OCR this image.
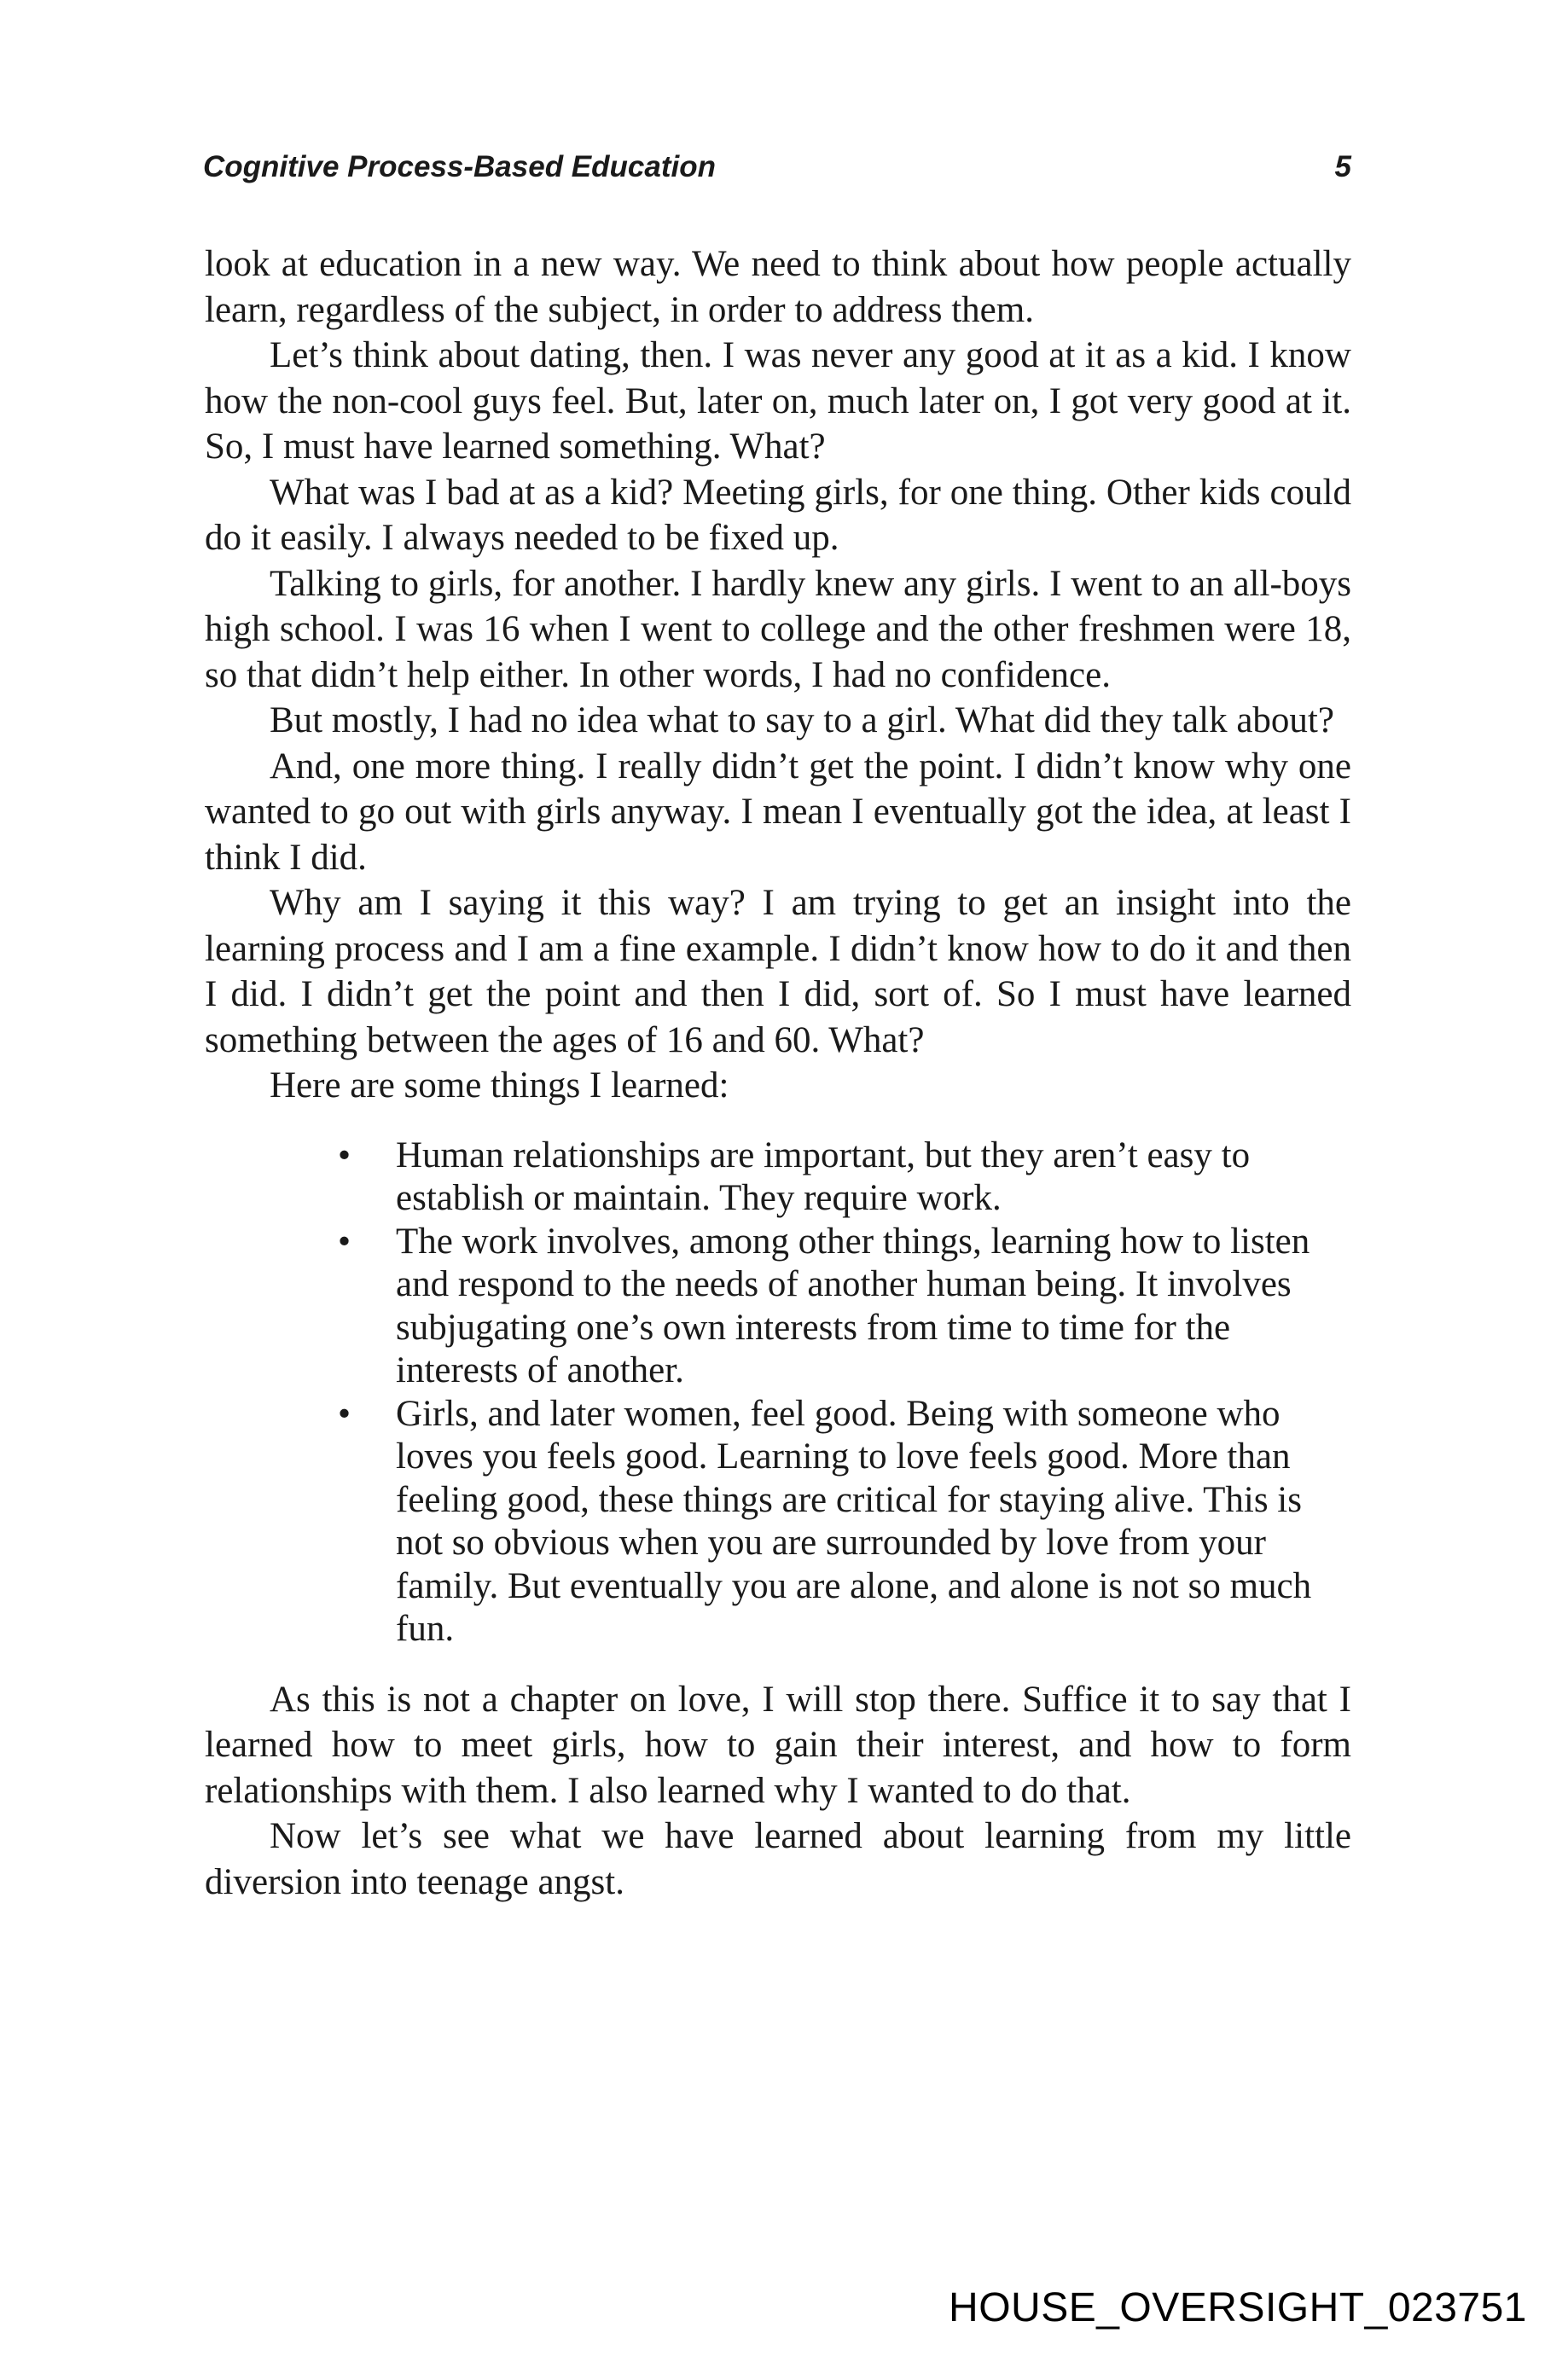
Cognitive Process-Based Education	5

look at education in a new way. We need to think about how people actually learn, regardless of the subject, in order to address them.

Let’s think about dating, then. I was never any good at it as a kid. I know how the non-cool guys feel. But, later on, much later on, I got very good at it. So, I must have learned something. What?

What was I bad at as a kid? Meeting girls, for one thing. Other kids could do it easily. I always needed to be fixed up.

Talking to girls, for another. I hardly knew any girls. I went to an all-boys high school. I was 16 when I went to college and the other freshmen were 18, so that didn’t help either. In other words, I had no confidence.

But mostly, I had no idea what to say to a girl. What did they talk about?

And, one more thing. I really didn’t get the point. I didn’t know why one wanted to go out with girls anyway. I mean I eventually got the idea, at least I think I did.

Why am I saying it this way? I am trying to get an insight into the learning process and I am a fine example. I didn’t know how to do it and then I did. I didn’t get the point and then I did, sort of. So I must have learned something between the ages of 16 and 60. What?

Here are some things I learned:

• Human relationships are important, but they aren’t easy to establish or maintain. They require work.
• The work involves, among other things, learning how to listen and respond to the needs of another human being. It involves subjugating one’s own interests from time to time for the interests of another.
• Girls, and later women, feel good. Being with someone who loves you feels good. Learning to love feels good. More than feeling good, these things are critical for staying alive. This is not so obvious when you are surrounded by love from your family. But eventually you are alone, and alone is not so much fun.

As this is not a chapter on love, I will stop there. Suffice it to say that I learned how to meet girls, how to gain their interest, and how to form relationships with them. I also learned why I wanted to do that.

Now let’s see what we have learned about learning from my little diversion into teenage angst.

HOUSE_OVERSIGHT_023751
